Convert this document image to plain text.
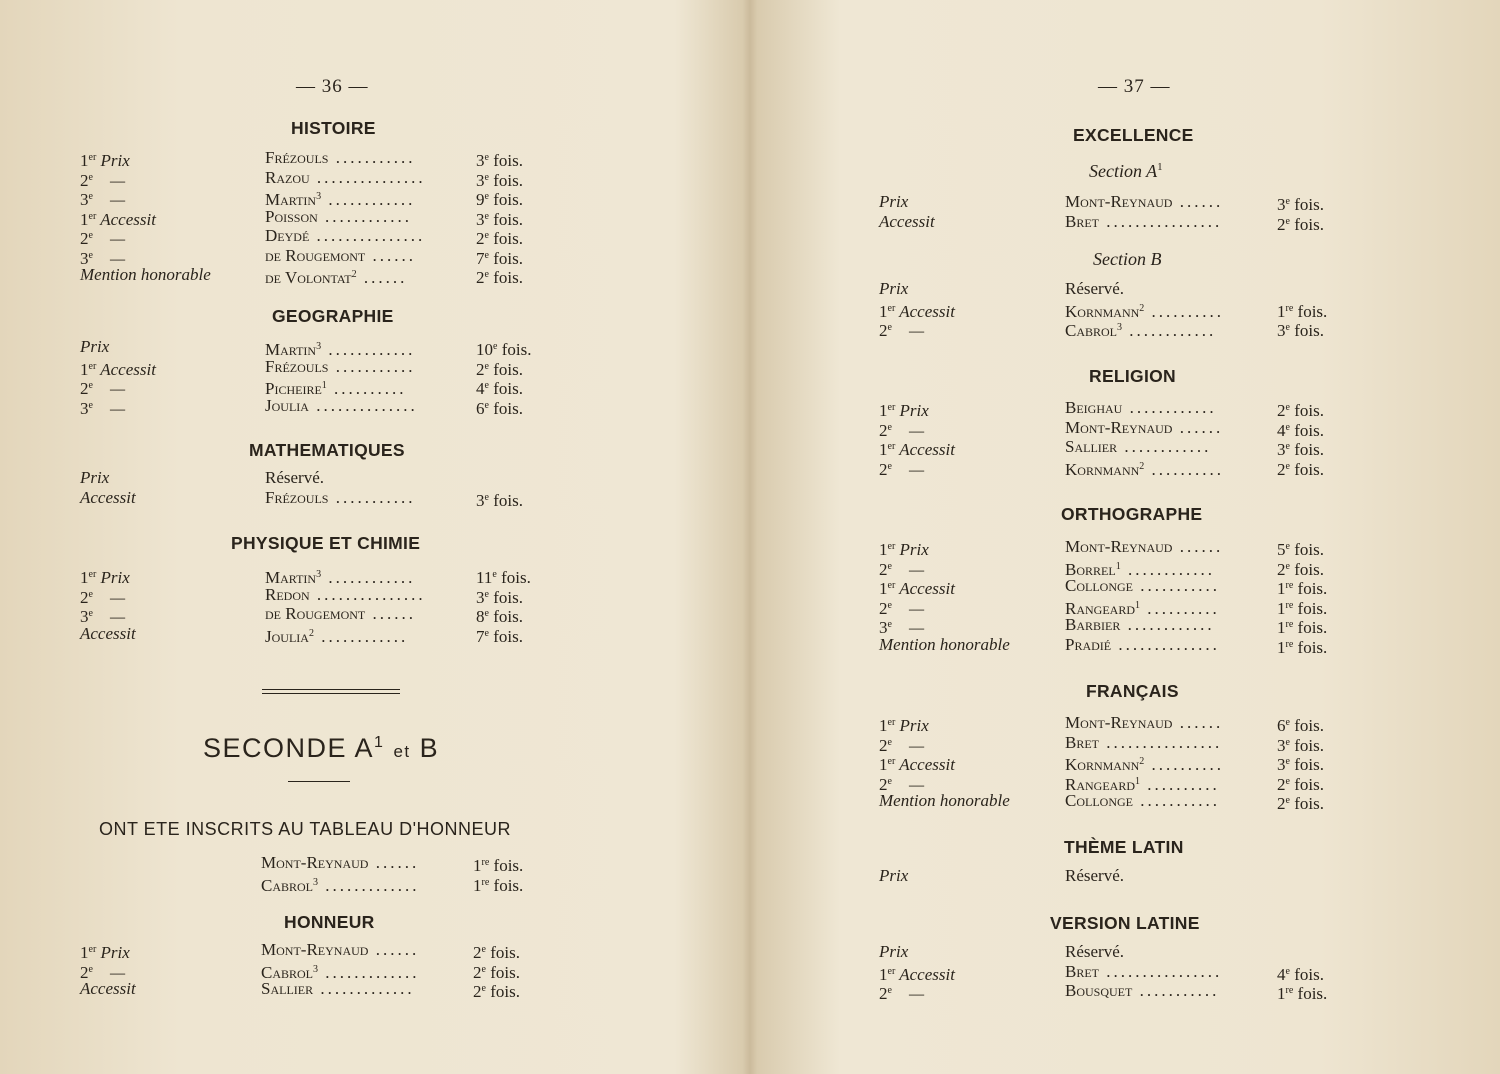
— 36 —
HISTOIRE
1er Prix	Frézouls ...........	3e fois.
2e —	Razou ...............	3e fois.
3e —	Martin$^3$ ............	9e fois.
1er Accessit	Poisson ............	3e fois.
2e —	Deydé ...............	2e fois.
3e —	de Rougemont ......	7e fois.
Mention honorable	de Volontat$^2$ ......	2e fois.
GEOGRAPHIE
Prix	Martin$^3$ ............	10e fois.
1er Accessit	Frézouls ...........	2e fois.
2e —	Picheire$^1$ ..........	4e fois.
3e —	Joulia ..............	6e fois.
MATHEMATIQUES
Prix	Réservé.
Accessit	Frézouls ...........	3e fois.
PHYSIQUE ET CHIMIE
1er Prix	Martin$^3$ ............	11e fois.
2e —	Redon ...............	3e fois.
3e —	de Rougemont ......	8e fois.
Accessit	Joulia$^2$ ............	7e fois.
SECONDE $A^1$ et B
ONT ETE INSCRITS AU TABLEAU D'HONNEUR
Mont-Reynaud ......	1re fois.
Cabrol$^3$ .............	1re fois.
HONNEUR
1er Prix	Mont-Reynaud ......	2e fois.
2e —	Cabrol$^3$ .............	2e fois.
Accessit	Sallier .............	2e fois.
— 37 —
EXCELLENCE
Section $A^1$
Prix	Mont-Reynaud ......	3e fois.
Accessit	Bret ................	2e fois.
Section B
Prix	Réservé.
1er Accessit	Kornmann$^2$ ..........	1re fois.
2e —	Cabrol$^3$ ............	3e fois.
RELIGION
1er Prix	Beighau ............	2e fois.
2e —	Mont-Reynaud ......	4e fois.
1er Accessit	Sallier ............	3e fois.
2e —	Kornmann$^2$ ..........	2e fois.
ORTHOGRAPHE
1er Prix	Mont-Reynaud ......	5e fois.
2e —	Borrel$^1$ ............	2e fois.
1er Accessit	Collonge ...........	1re fois.
2e —	Rangeard$^1$ ..........	1re fois.
3e —	Barbier ............	1re fois.
Mention honorable	Pradié ..............	1re fois.
FRANÇAIS
1er Prix	Mont-Reynaud ......	6e fois.
2e —	Bret ................	3e fois.
1er Accessit	Kornmann$^2$ ..........	3e fois.
2e —	Rangeard$^1$ ..........	2e fois.
Mention honorable	Collonge ...........	2e fois.
THÈME LATIN
Prix	Réservé.
VERSION LATINE
Prix	Réservé.
1er Accessit	Bret ................	4e fois.
2e —	Bousquet ...........	1re fois.
